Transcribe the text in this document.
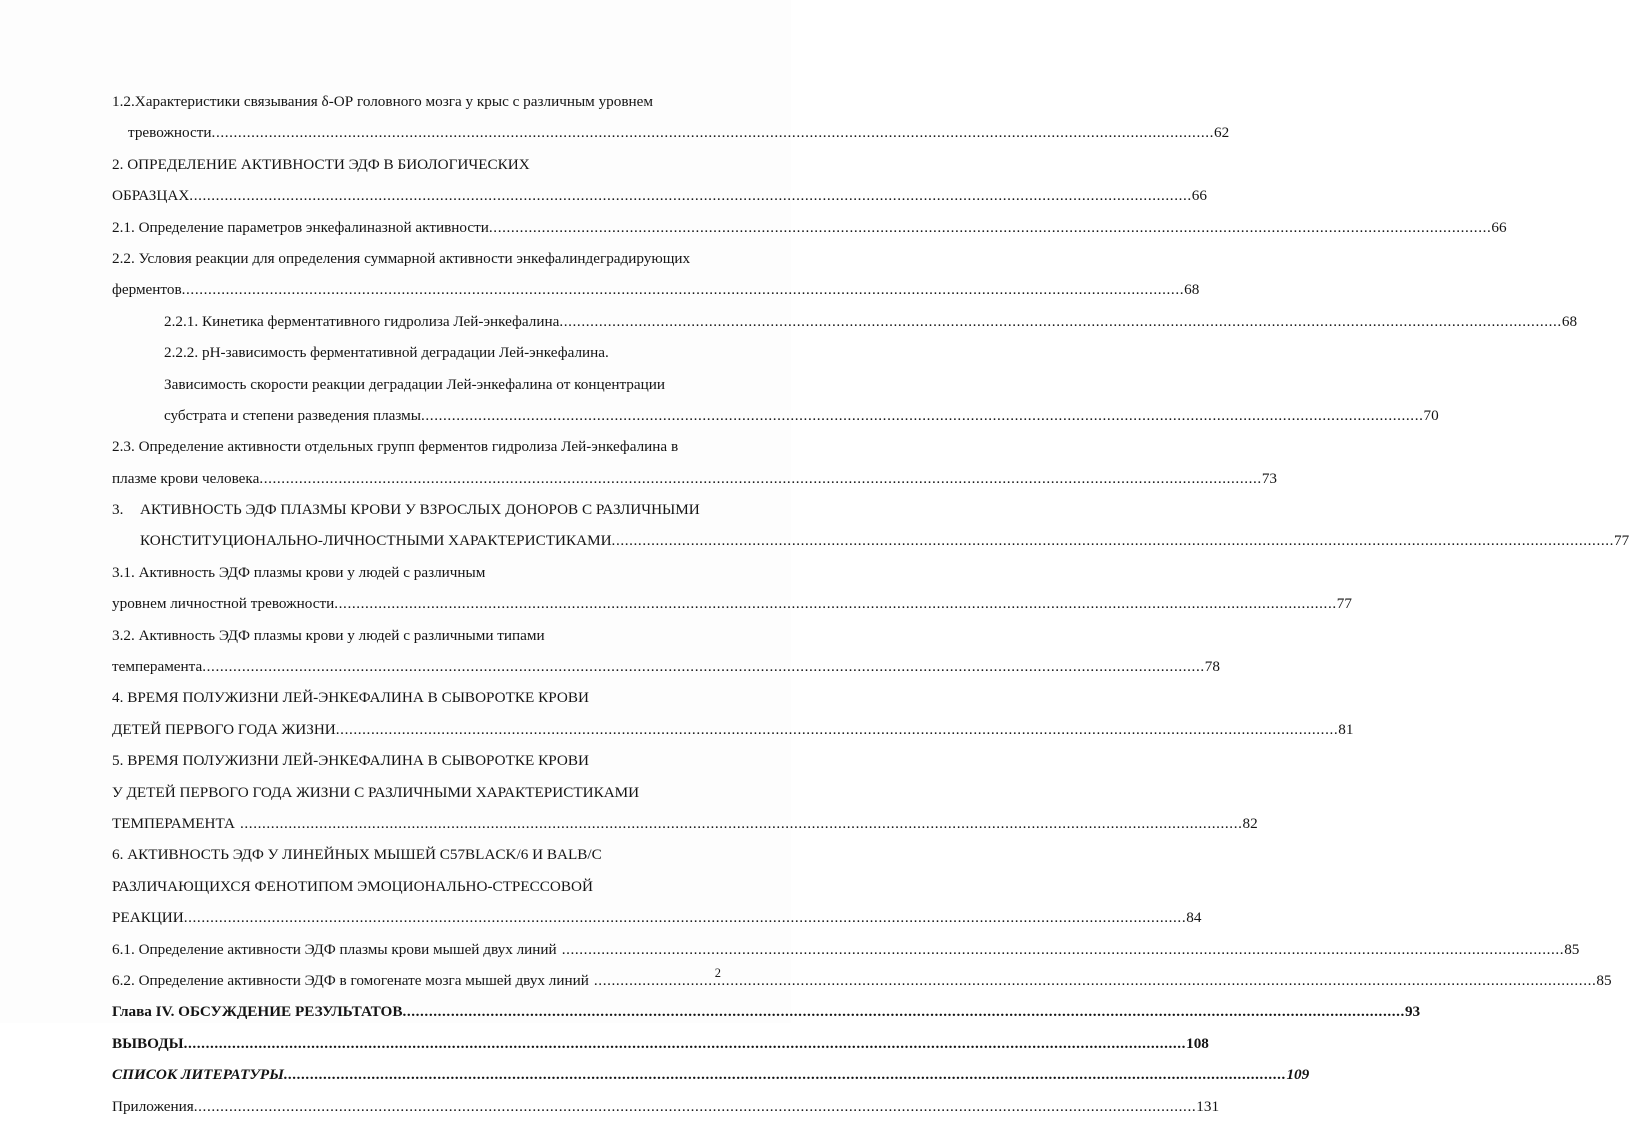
1.2.Характеристики связывания δ-ОР головного мозга у крыс с различным уровнем
тревожности .....	62
2. ОПРЕДЕЛЕНИЕ АКТИВНОСТИ ЭДФ В БИОЛОГИЧЕСКИХ
ОБРАЗЦАХ .....	66
2.1. Определение параметров энкефалиназной активности .....	66
2.2. Условия реакции для определения суммарной активности энкефалиндеградирующих
ферментов .....	68
2.2.1. Кинетика ферментативного гидролиза Лей-энкефалина .....	68
2.2.2. pH-зависимость ферментативной деградации Лей-энкефалина.
Зависимость скорости реакции деградации Лей-энкефалина от концентрации
субстрата и степени разведения плазмы .....	70
2.3. Определение активности отдельных групп ферментов гидролиза Лей-энкефалина в
плазме крови человека .....	73
3.	АКТИВНОСТЬ ЭДФ ПЛАЗМЫ КРОВИ У ВЗРОСЛЫХ ДОНОРОВ С РАЗЛИЧНЫМИ
КОНСТИТУЦИОНАЛЬНО-ЛИЧНОСТНЫМИ ХАРАКТЕРИСТИКАМИ .....	77
3.1. Активность ЭДФ плазмы крови у людей с различным
уровнем личностной тревожности .....	77
3.2. Активность ЭДФ плазмы крови у людей с различными типами
темперамента .....	78
4. ВРЕМЯ ПОЛУЖИЗНИ ЛЕЙ-ЭНКЕФАЛИНА В СЫВОРОТКЕ КРОВИ
ДЕТЕЙ ПЕРВОГО ГОДА ЖИЗНИ .....	81
5. ВРЕМЯ ПОЛУЖИЗНИ ЛЕЙ-ЭНКЕФАЛИНА В СЫВОРОТКЕ КРОВИ
У ДЕТЕЙ ПЕРВОГО ГОДА ЖИЗНИ С РАЗЛИЧНЫМИ ХАРАКТЕРИСТИКАМИ
ТЕМПЕРАМЕНТА .....	82
6. АКТИВНОСТЬ ЭДФ У ЛИНЕЙНЫХ МЫШЕЙ C57BLACK/6 И BALB/C
РАЗЛИЧАЮЩИХСЯ ФЕНОТИПОМ ЭМОЦИОНАЛЬНО-СТРЕССОВОЙ
РЕАКЦИИ .....	84
6.1. Определение активности ЭДФ плазмы крови мышей двух линий .....	85
6.2. Определение активности ЭДФ в гомогенате мозга мышей двух линий .....	85
Глава IV. ОБСУЖДЕНИЕ РЕЗУЛЬТАТОВ .....	93
ВЫВОДЫ .....	108
СПИСОК ЛИТЕРАТУРЫ .....	109
Приложения .....	131
2
